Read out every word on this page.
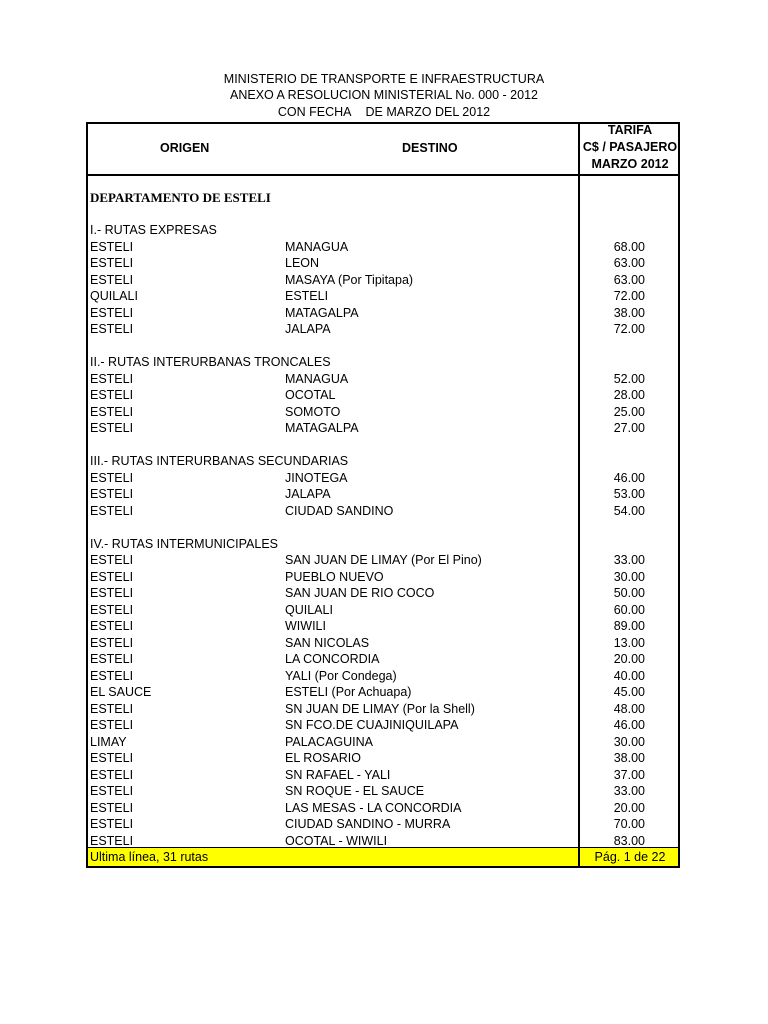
MINISTERIO DE TRANSPORTE E INFRAESTRUCTURA
ANEXO A RESOLUCION MINISTERIAL No. 000 - 2012
CON FECHA DE MARZO DEL 2012
ORIGEN	DESTINO
TARIFA
C$ / PASAJERO
MARZO 2012
DEPARTAMENTO DE ESTELI
I.- RUTAS EXPRESAS
ESTELI	MANAGUA	68.00
ESTELI	LEON	63.00
ESTELI	MASAYA (Por Tipitapa)	63.00
QUILALI	ESTELI	72.00
ESTELI	MATAGALPA	38.00
ESTELI	JALAPA	72.00
II.- RUTAS INTERURBANAS TRONCALES
ESTELI	MANAGUA	52.00
ESTELI	OCOTAL	28.00
ESTELI	SOMOTO	25.00
ESTELI	MATAGALPA	27.00
III.- RUTAS INTERURBANAS SECUNDARIAS
ESTELI	JINOTEGA	46.00
ESTELI	JALAPA	53.00
ESTELI	CIUDAD SANDINO	54.00
IV.- RUTAS INTERMUNICIPALES
ESTELI	SAN JUAN DE LIMAY (Por El Pino)	33.00
ESTELI	PUEBLO NUEVO	30.00
ESTELI	SAN JUAN DE RIO COCO	50.00
ESTELI	QUILALI	60.00
ESTELI	WIWILI	89.00
ESTELI	SAN NICOLAS	13.00
ESTELI	LA CONCORDIA	20.00
ESTELI	YALI (Por Condega)	40.00
EL SAUCE	ESTELI (Por Achuapa)	45.00
ESTELI	SN JUAN DE LIMAY (Por la Shell)	48.00
ESTELI	SN FCO.DE CUAJINIQUILAPA	46.00
LIMAY	PALACAGUINA	30.00
ESTELI	EL ROSARIO	38.00
ESTELI	SN RAFAEL - YALI	37.00
ESTELI	SN ROQUE - EL SAUCE	33.00
ESTELI	LAS MESAS - LA CONCORDIA	20.00
ESTELI	CIUDAD SANDINO - MURRA	70.00
ESTELI	OCOTAL - WIWILI	83.00
Ultima línea, 31 rutas	Pág. 1 de 22
